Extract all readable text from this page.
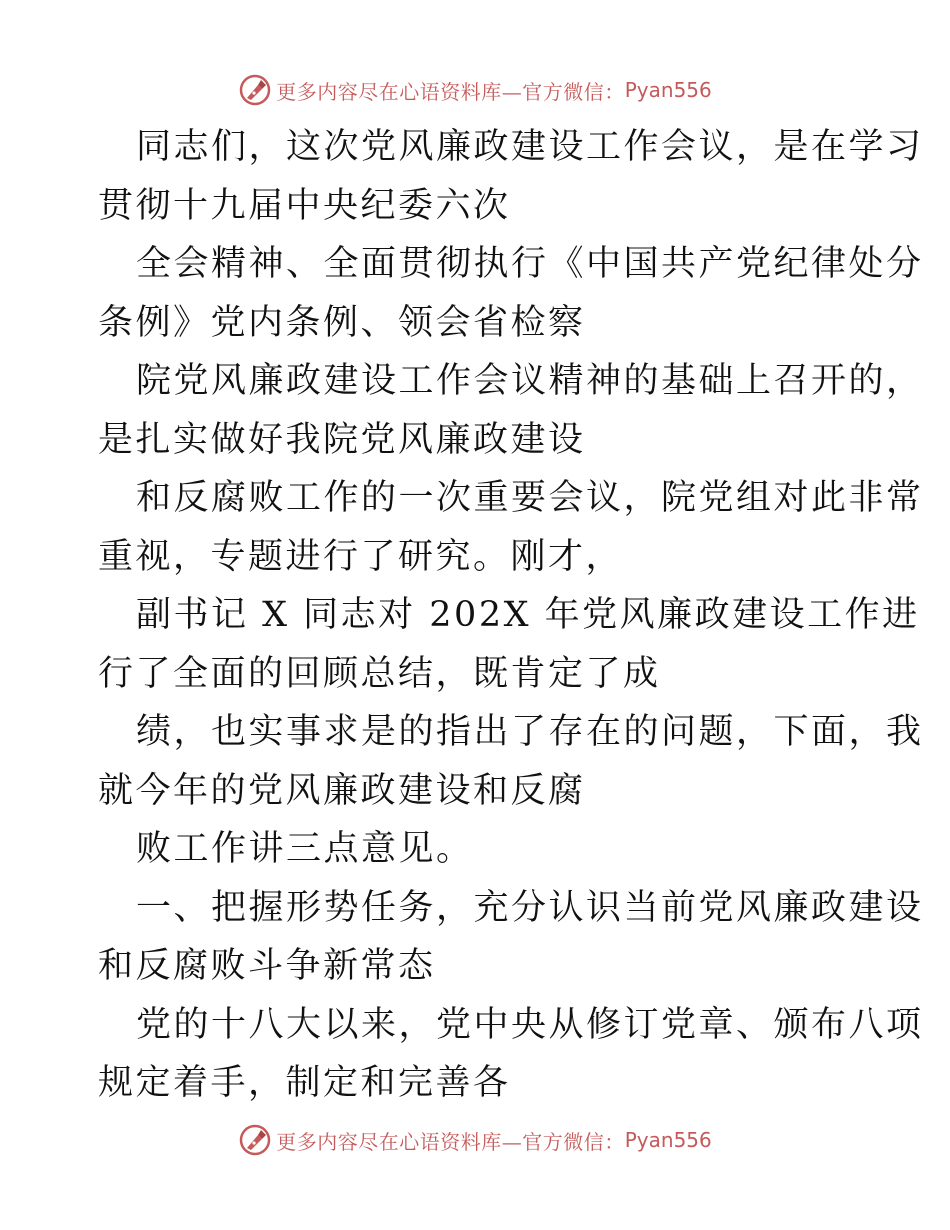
更多内容尽在心语资料库—官方微信： Pyan556
同志们，这次党风廉政建设工作会议，是在学习
贯彻十九届中央纪委六次
全会精神、全面贯彻执行《中国共产党纪律处分
条例》党内条例、领会省检察
院党风廉政建设工作会议精神的基础上召开的，
是扎实做好我院党风廉政建设
和反腐败工作的一次重要会议，院党组对此非常
重视，专题进行了研究。刚才，
副书记 X 同志对 202X 年党风廉政建设工作进
行了全面的回顾总结，既肯定了成
绩，也实事求是的指出了存在的问题，下面，我
就今年的党风廉政建设和反腐
败工作讲三点意见。
一、把握形势任务，充分认识当前党风廉政建设
和反腐败斗争新常态
党的十八大以来，党中央从修订党章、颁布八项
规定着手，制定和完善各
更多内容尽在心语资料库—官方微信： Pyan556
